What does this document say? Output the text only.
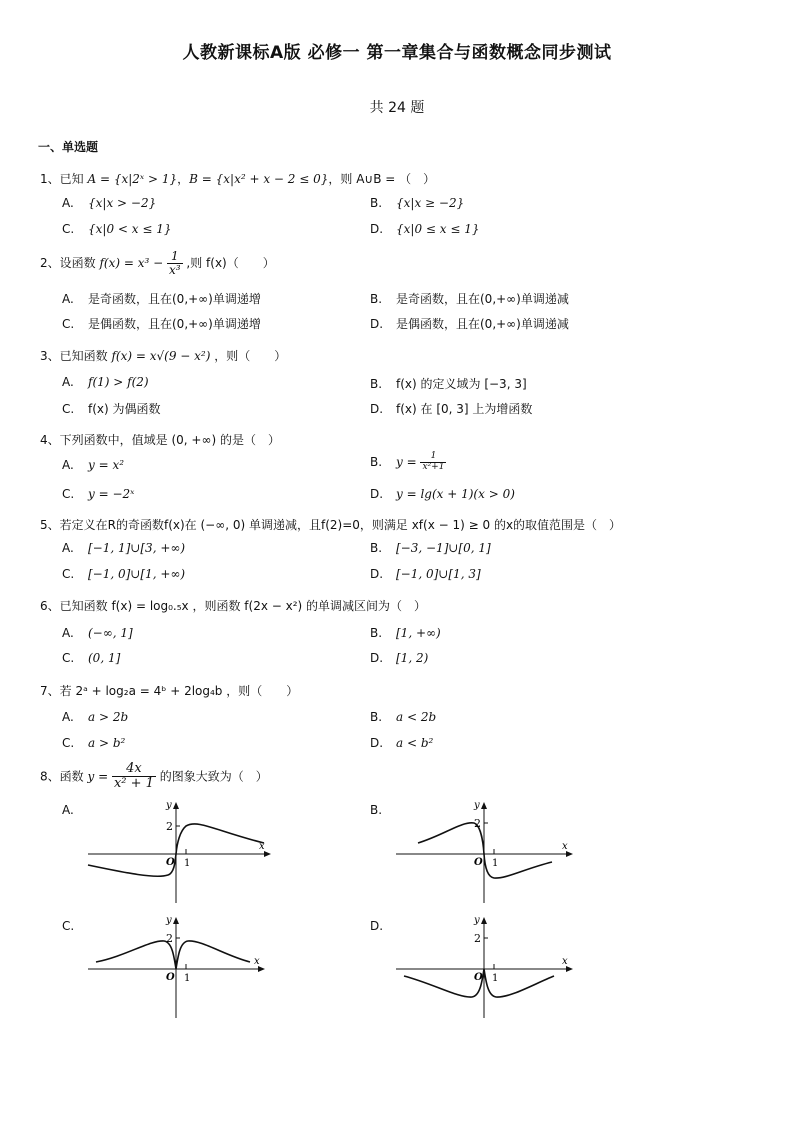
人教新课标A版 必修一 第一章集合与函数概念同步测试
共 24 题
一、单选题
1、已知 A = {x|2ˣ > 1}，B = {x|x² + x − 2 ≤ 0}，则 A∪B = （　）
A. {x|x > −2}	B. {x|x ≥ −2}
C. {x|0 < x ≤ 1}	D. {x|0 ≤ x ≤ 1}
2、设函数 $f(x) = x^3 - \frac{1}{\text{x³}}$ ,则 f(x)（　　）
A. 是奇函数，且在(0,+∞)单调递增	B. 是奇函数，且在(0,+∞)单调递减
C. 是偶函数，且在(0,+∞)单调递增	D. 是偶函数，且在(0,+∞)单调递减
3、已知函数 f(x) = x√(9 − x²) ，则（　　）
A. f(1) > f(2)	B. f(x) 的定义域为 [−3, 3]
C. f(x) 为偶函数	D. f(x) 在 [0, 3] 上为增函数
4、下列函数中，值域是 (0, +∞) 的是（　）
A. y = x²	B. $y = \frac{1}{\text{x²+1}}$
C. y = −2ˣ	D. y = lg(x + 1)(x > 0)
5、若定义在R的奇函数f(x)在 (−∞, 0) 单调递减，且f(2)=0，则满足 xf(x − 1) ≥ 0 的x的取值范围是（　）
A. [−1, 1]∪[3, +∞)	B. [−3, −1]∪[0, 1]
C. [−1, 0]∪[1, +∞)	D. [−1, 0]∪[1, 3]
6、已知函数 f(x) = log₀.₅x ，则函数 f(2x − x²) 的单调减区间为（　）
A. (−∞, 1]	B. [1, +∞)
C. (0, 1]	D. [1, 2)
7、若 2ᵃ + log₂a = 4ᵇ + 2log₄b ，则（　　）
A. a > 2b	B. a < 2b
C. a > b²	D. a < b²
8、函数 $y = \frac{4x}{\text{x² + 1}}$ 的图象大致为（　）
A.	B.
C.	D.
x
y
O 1
2
x
y
O 1
2
x
y
O 1
2
x
y
O 1
2
